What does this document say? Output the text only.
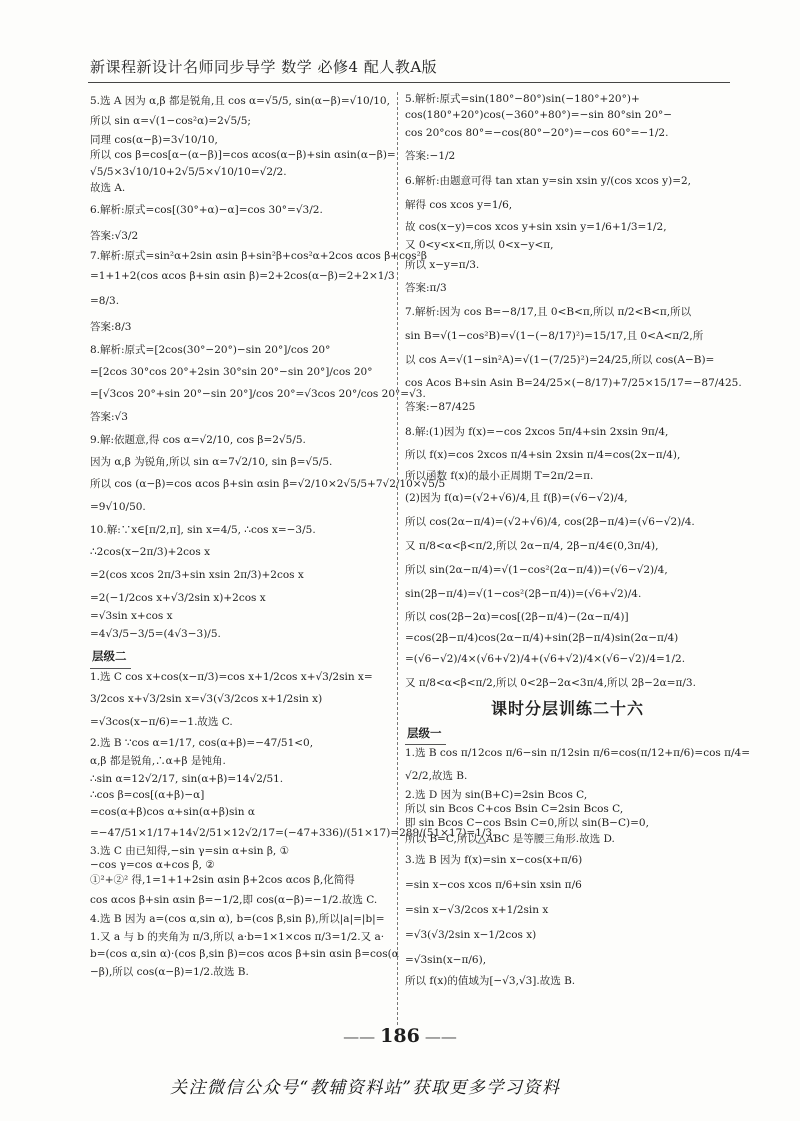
新课程新设计名师同步导学 数学 必修4 配人教A版
5.选 A 因为 α,β 都是锐角,且 cos α=√5/5, sin(α−β)=√10/10,
所以 sin α=√(1−cos²α)=2√5/5;
同理 cos(α−β)=3√10/10,
所以 cos β=cos[α−(α−β)]=cos αcos(α−β)+sin αsin(α−β)=
√5/5×3√10/10+2√5/5×√10/10=√2/2.
故选 A.
6.解析:原式=cos[(30°+α)−α]=cos 30°=√3/2.
答案:√3/2
7.解析:原式=sin²α+2sin αsin β+sin²β+cos²α+2cos αcos β+cos²β
=1+1+2(cos αcos β+sin αsin β)=2+2cos(α−β)=2+2×1/3
=8/3.
答案:8/3
8.解析:原式=[2cos(30°−20°)−sin 20°]/cos 20°
=[2cos 30°cos 20°+2sin 30°sin 20°−sin 20°]/cos 20°
=[√3cos 20°+sin 20°−sin 20°]/cos 20°=√3cos 20°/cos 20°=√3.
答案:√3
9.解:依题意,得 cos α=√2/10, cos β=2√5/5.
因为 α,β 为锐角,所以 sin α=7√2/10, sin β=√5/5.
所以 cos (α−β)=cos αcos β+sin αsin β=√2/10×2√5/5+7√2/10×√5/5
=9√10/50.
10.解:∵x∈[π/2,π], sin x=4/5, ∴cos x=−3/5.
∴2cos(x−2π/3)+2cos x
=2(cos xcos 2π/3+sin xsin 2π/3)+2cos x
=2(−1/2cos x+√3/2sin x)+2cos x
=√3sin x+cos x
=4√3/5−3/5=(4√3−3)/5.
层级二
1.选 C cos x+cos(x−π/3)=cos x+1/2cos x+√3/2sin x=
3/2cos x+√3/2sin x=√3(√3/2cos x+1/2sin x)
=√3cos(x−π/6)=−1.故选 C.
2.选 B ∵cos α=1/17, cos(α+β)=−47/51<0,
α,β 都是锐角,∴α+β 是钝角.
∴sin α=12√2/17, sin(α+β)=14√2/51.
∴cos β=cos[(α+β)−α]
=cos(α+β)cos α+sin(α+β)sin α
=−47/51×1/17+14√2/51×12√2/17=(−47+336)/(51×17)=289/(51×17)=1/3.
3.选 C 由已知得,−sin γ=sin α+sin β, ①
−cos γ=cos α+cos β, ②
①²+②² 得,1=1+1+2sin αsin β+2cos αcos β,化简得
cos αcos β+sin αsin β=−1/2,即 cos(α−β)=−1/2.故选 C.
4.选 B 因为 a=(cos α,sin α), b=(cos β,sin β),所以|a|=|b|=
1.又 a 与 b 的夹角为 π/3,所以 a·b=1×1×cos π/3=1/2.又 a·
b=(cos α,sin α)·(cos β,sin β)=cos αcos β+sin αsin β=cos(α
−β),所以 cos(α−β)=1/2.故选 B.
5.解析:原式=sin(180°−80°)sin(−180°+20°)+
cos(180°+20°)cos(−360°+80°)=−sin 80°sin 20°−
cos 20°cos 80°=−cos(80°−20°)=−cos 60°=−1/2.
答案:−1/2
6.解析:由题意可得 tan xtan y=sin xsin y/(cos xcos y)=2,
解得 cos xcos y=1/6,
故 cos(x−y)=cos xcos y+sin xsin y=1/6+1/3=1/2,
又 0<y<x<π,所以 0<x−y<π,
所以 x−y=π/3.
答案:π/3
7.解析:因为 cos B=−8/17,且 0<B<π,所以 π/2<B<π,所以
sin B=√(1−cos²B)=√(1−(−8/17)²)=15/17,且 0<A<π/2,所
以 cos A=√(1−sin²A)=√(1−(7/25)²)=24/25,所以 cos(A−B)=
cos Acos B+sin Asin B=24/25×(−8/17)+7/25×15/17=−87/425.
答案:−87/425
8.解:(1)因为 f(x)=−cos 2xcos 5π/4+sin 2xsin 9π/4,
所以 f(x)=cos 2xcos π/4+sin 2xsin π/4=cos(2x−π/4),
所以函数 f(x)的最小正周期 T=2π/2=π.
(2)因为 f(α)=(√2+√6)/4,且 f(β)=(√6−√2)/4,
所以 cos(2α−π/4)=(√2+√6)/4, cos(2β−π/4)=(√6−√2)/4.
又 π/8<α<β<π/2,所以 2α−π/4, 2β−π/4∈(0,3π/4),
所以 sin(2α−π/4)=√(1−cos²(2α−π/4))=(√6−√2)/4,
sin(2β−π/4)=√(1−cos²(2β−π/4))=(√6+√2)/4.
所以 cos(2β−2α)=cos[(2β−π/4)−(2α−π/4)]
=cos(2β−π/4)cos(2α−π/4)+sin(2β−π/4)sin(2α−π/4)
=(√6−√2)/4×(√6+√2)/4+(√6+√2)/4×(√6−√2)/4=1/2.
又 π/8<α<β<π/2,所以 0<2β−2α<3π/4,所以 2β−2α=π/3.
课时分层训练二十六
层级一
1.选 B cos π/12cos π/6−sin π/12sin π/6=cos(π/12+π/6)=cos π/4=
√2/2,故选 B.
2.选 D 因为 sin(B+C)=2sin Bcos C,
所以 sin Bcos C+cos Bsin C=2sin Bcos C,
即 sin Bcos C−cos Bsin C=0,所以 sin(B−C)=0,
所以 B=C,所以△ABC 是等腰三角形.故选 D.
3.选 B 因为 f(x)=sin x−cos(x+π/6)
=sin x−cos xcos π/6+sin xsin π/6
=sin x−√3/2cos x+1/2sin x
=√3(√3/2sin x−1/2cos x)
=√3sin(x−π/6),
所以 f(x)的值域为[−√3,√3].故选 B.
—— 186 ——
关注微信公众号“教辅资料站”获取更多学习资料
